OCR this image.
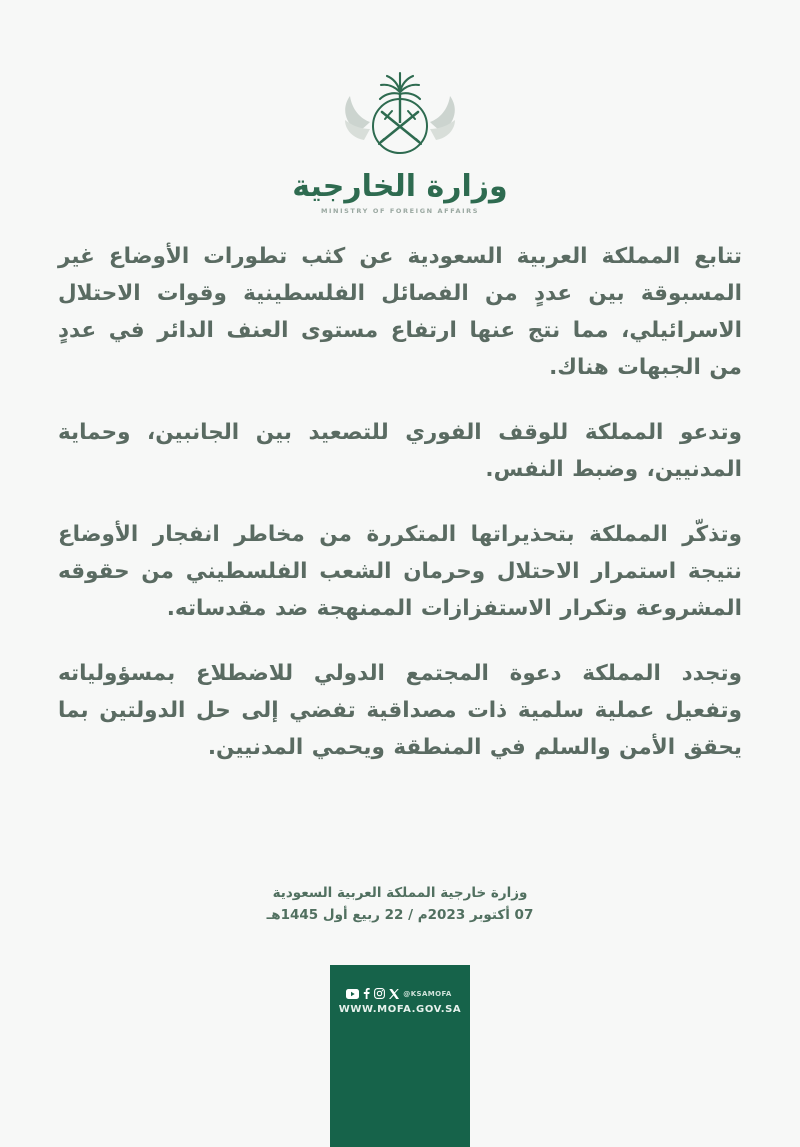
وزارة الخارجية
MINISTRY OF FOREIGN AFFAIRS

تتابع المملكة العربية السعودية عن كثب تطورات الأوضاع غير المسبوقة بين عددٍ من الفصائل الفلسطينية وقوات الاحتلال الاسرائيلي، مما نتج عنها ارتفاع مستوى العنف الدائر في عددٍ من الجبهات هناك.

وتدعو المملكة للوقف الفوري للتصعيد بين الجانبين، وحماية المدنيين، وضبط النفس.

وتذكّر المملكة بتحذيراتها المتكررة من مخاطر انفجار الأوضاع نتيجة استمرار الاحتلال وحرمان الشعب الفلسطيني من حقوقه المشروعة وتكرار الاستفزازات الممنهجة ضد مقدساته.

وتجدد المملكة دعوة المجتمع الدولي للاضطلاع بمسؤولياته وتفعيل عملية سلمية ذات مصداقية تفضي إلى حل الدولتين بما يحقق الأمن والسلم في المنطقة ويحمي المدنيين.

وزارة خارجية المملكة العربية السعودية
07 أكتوبر 2023م / 22 ربيع أول 1445هـ
@KSAMOFA
WWW.MOFA.GOV.SA
